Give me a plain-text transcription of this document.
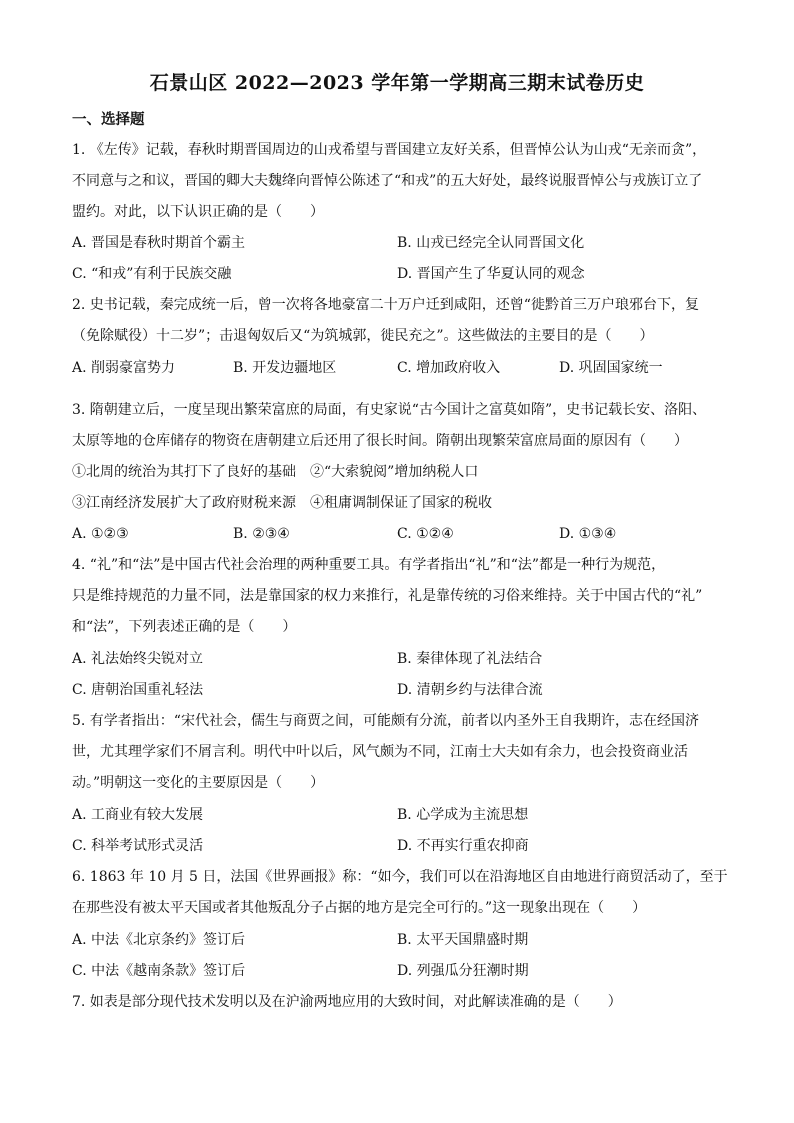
石景山区 2022—2023 学年第一学期高三期末试卷历史
一、选择题
1. 《左传》记载，春秋时期晋国周边的山戎希望与晋国建立友好关系，但晋悼公认为山戎“无亲而贪”，
不同意与之和议，晋国的卿大夫魏绛向晋悼公陈述了“和戎”的五大好处，最终说服晋悼公与戎族订立了
盟约。对此，以下认识正确的是（　　）
A. 晋国是春秋时期首个霸主	B. 山戎已经完全认同晋国文化
C. “和戎”有利于民族交融	D. 晋国产生了华夏认同的观念
2. 史书记载，秦完成统一后，曾一次将各地豪富二十万户迁到咸阳，还曾“徙黔首三万户琅邪台下，复
（免除赋役）十二岁”；击退匈奴后又“为筑城郭，徙民充之”。这些做法的主要目的是（　　）
A. 削弱豪富势力	B. 开发边疆地区	C. 增加政府收入	D. 巩固国家统一
3. 隋朝建立后，一度呈现出繁荣富庶的局面，有史家说“古今国计之富莫如隋”，史书记载长安、洛阳、
太原等地的仓库储存的物资在唐朝建立后还用了很长时间。隋朝出现繁荣富庶局面的原因有（　　）
①北周的统治为其打下了良好的基础　②“大索貌阅”增加纳税人口
③江南经济发展扩大了政府财税来源　④租庸调制保证了国家的税收
A. ①②③	B. ②③④	C. ①②④	D. ①③④
4. “礼”和“法”是中国古代社会治理的两种重要工具。有学者指出“礼”和“法”都是一种行为规范，
只是维持规范的力量不同，法是靠国家的权力来推行，礼是靠传统的习俗来维持。关于中国古代的“礼”
和“法”，下列表述正确的是（　　）
A. 礼法始终尖锐对立	B. 秦律体现了礼法结合
C. 唐朝治国重礼轻法	D. 清朝乡约与法律合流
5. 有学者指出：“宋代社会，儒生与商贾之间，可能颇有分流，前者以内圣外王自我期许，志在经国济
世，尤其理学家们不屑言利。明代中叶以后，风气颇为不同，江南士大夫如有余力，也会投资商业活
动。”明朝这一变化的主要原因是（　　）
A. 工商业有较大发展	B. 心学成为主流思想
C. 科举考试形式灵活	D. 不再实行重农抑商
6. 1863 年 10 月 5 日，法国《世界画报》称：“如今，我们可以在沿海地区自由地进行商贸活动了，至于
在那些没有被太平天国或者其他叛乱分子占据的地方是完全可行的。”这一现象出现在（　　）
A. 中法《北京条约》签订后	B. 太平天国鼎盛时期
C. 中法《越南条款》签订后	D. 列强瓜分狂潮时期
7. 如表是部分现代技术发明以及在沪渝两地应用的大致时间，对此解读准确的是（　　）
